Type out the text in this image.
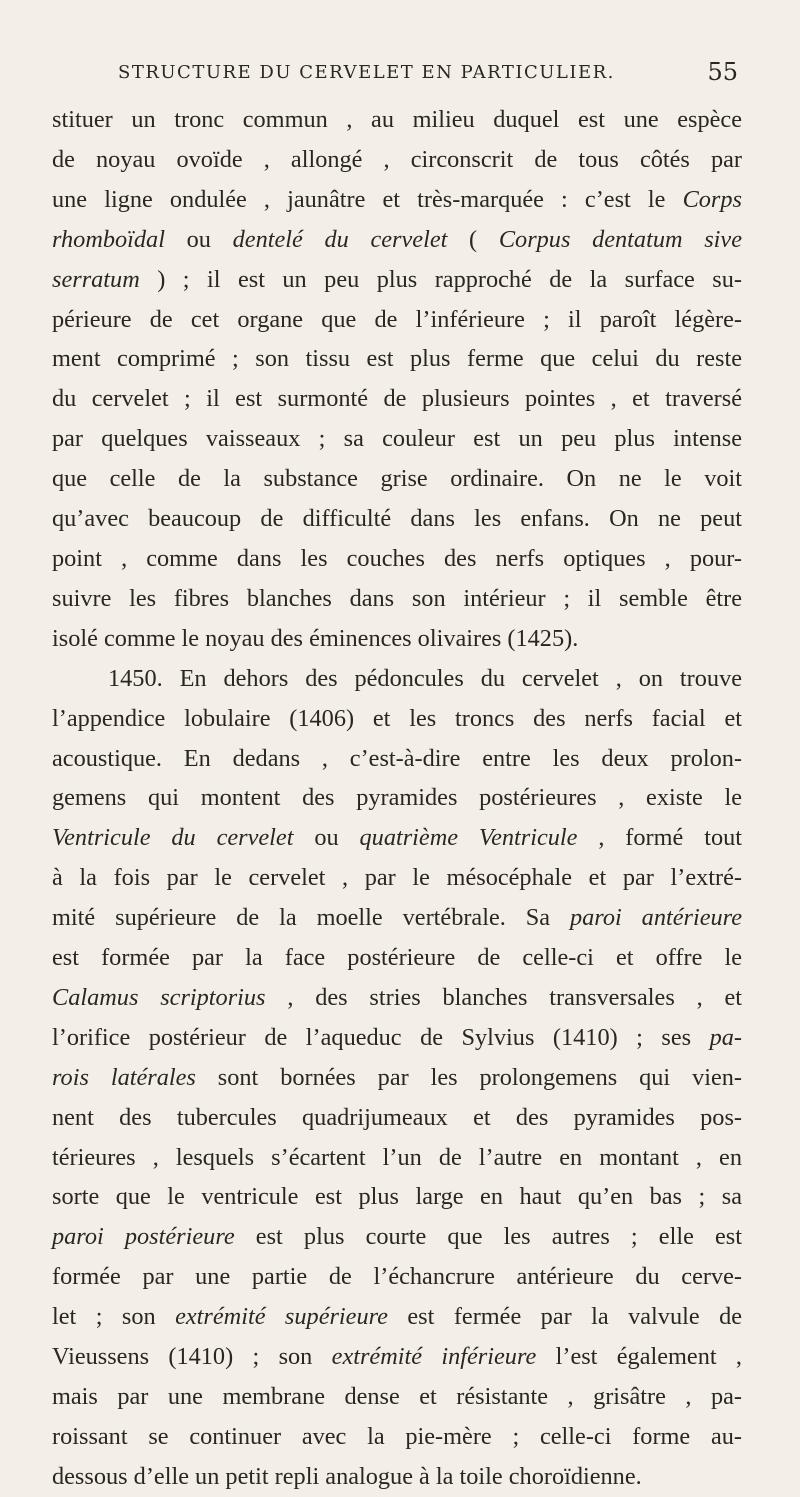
STRUCTURE DU CERVELET EN PARTICULIER.	55
stituer un tronc commun , au milieu duquel est une espèce
de noyau ovoïde , allongé , circonscrit de tous côtés par
une ligne ondulée , jaunâtre et très-marquée : c’est le Corps
rhomboïdal ou dentelé du cervelet ( Corpus dentatum sive
serratum ) ; il est un peu plus rapproché de la surface su-
périeure de cet organe que de l’inférieure ; il paroît légère-
ment comprimé ; son tissu est plus ferme que celui du reste
du cervelet ; il est surmonté de plusieurs pointes , et traversé
par quelques vaisseaux ; sa couleur est un peu plus intense
que celle de la substance grise ordinaire. On ne le voit
qu’avec beaucoup de difficulté dans les enfans. On ne peut
point , comme dans les couches des nerfs optiques , pour-
suivre les fibres blanches dans son intérieur ; il semble être
isolé comme le noyau des éminences olivaires (1425).
1450. En dehors des pédoncules du cervelet , on trouve
l’appendice lobulaire (1406) et les troncs des nerfs facial et
acoustique. En dedans , c’est-à-dire entre les deux prolon-
gemens qui montent des pyramides postérieures , existe le
Ventricule du cervelet ou quatrième Ventricule , formé tout
à la fois par le cervelet , par le mésocéphale et par l’extré-
mité supérieure de la moelle vertébrale. Sa paroi antérieure
est formée par la face postérieure de celle-ci et offre le
Calamus scriptorius , des stries blanches transversales , et
l’orifice postérieur de l’aqueduc de Sylvius (1410) ; ses pa-
rois latérales sont bornées par les prolongemens qui vien-
nent des tubercules quadrijumeaux et des pyramides pos-
térieures , lesquels s’écartent l’un de l’autre en montant , en
sorte que le ventricule est plus large en haut qu’en bas ; sa
paroi postérieure est plus courte que les autres ; elle est
formée par une partie de l’échancrure antérieure du cerve-
let ; son extrémité supérieure est fermée par la valvule de
Vieussens (1410) ; son extrémité inférieure l’est également ,
mais par une membrane dense et résistante , grisâtre , pa-
roissant se continuer avec la pie-mère ; celle-ci forme au-
dessous d’elle un petit repli analogue à la toile choroïdienne.
